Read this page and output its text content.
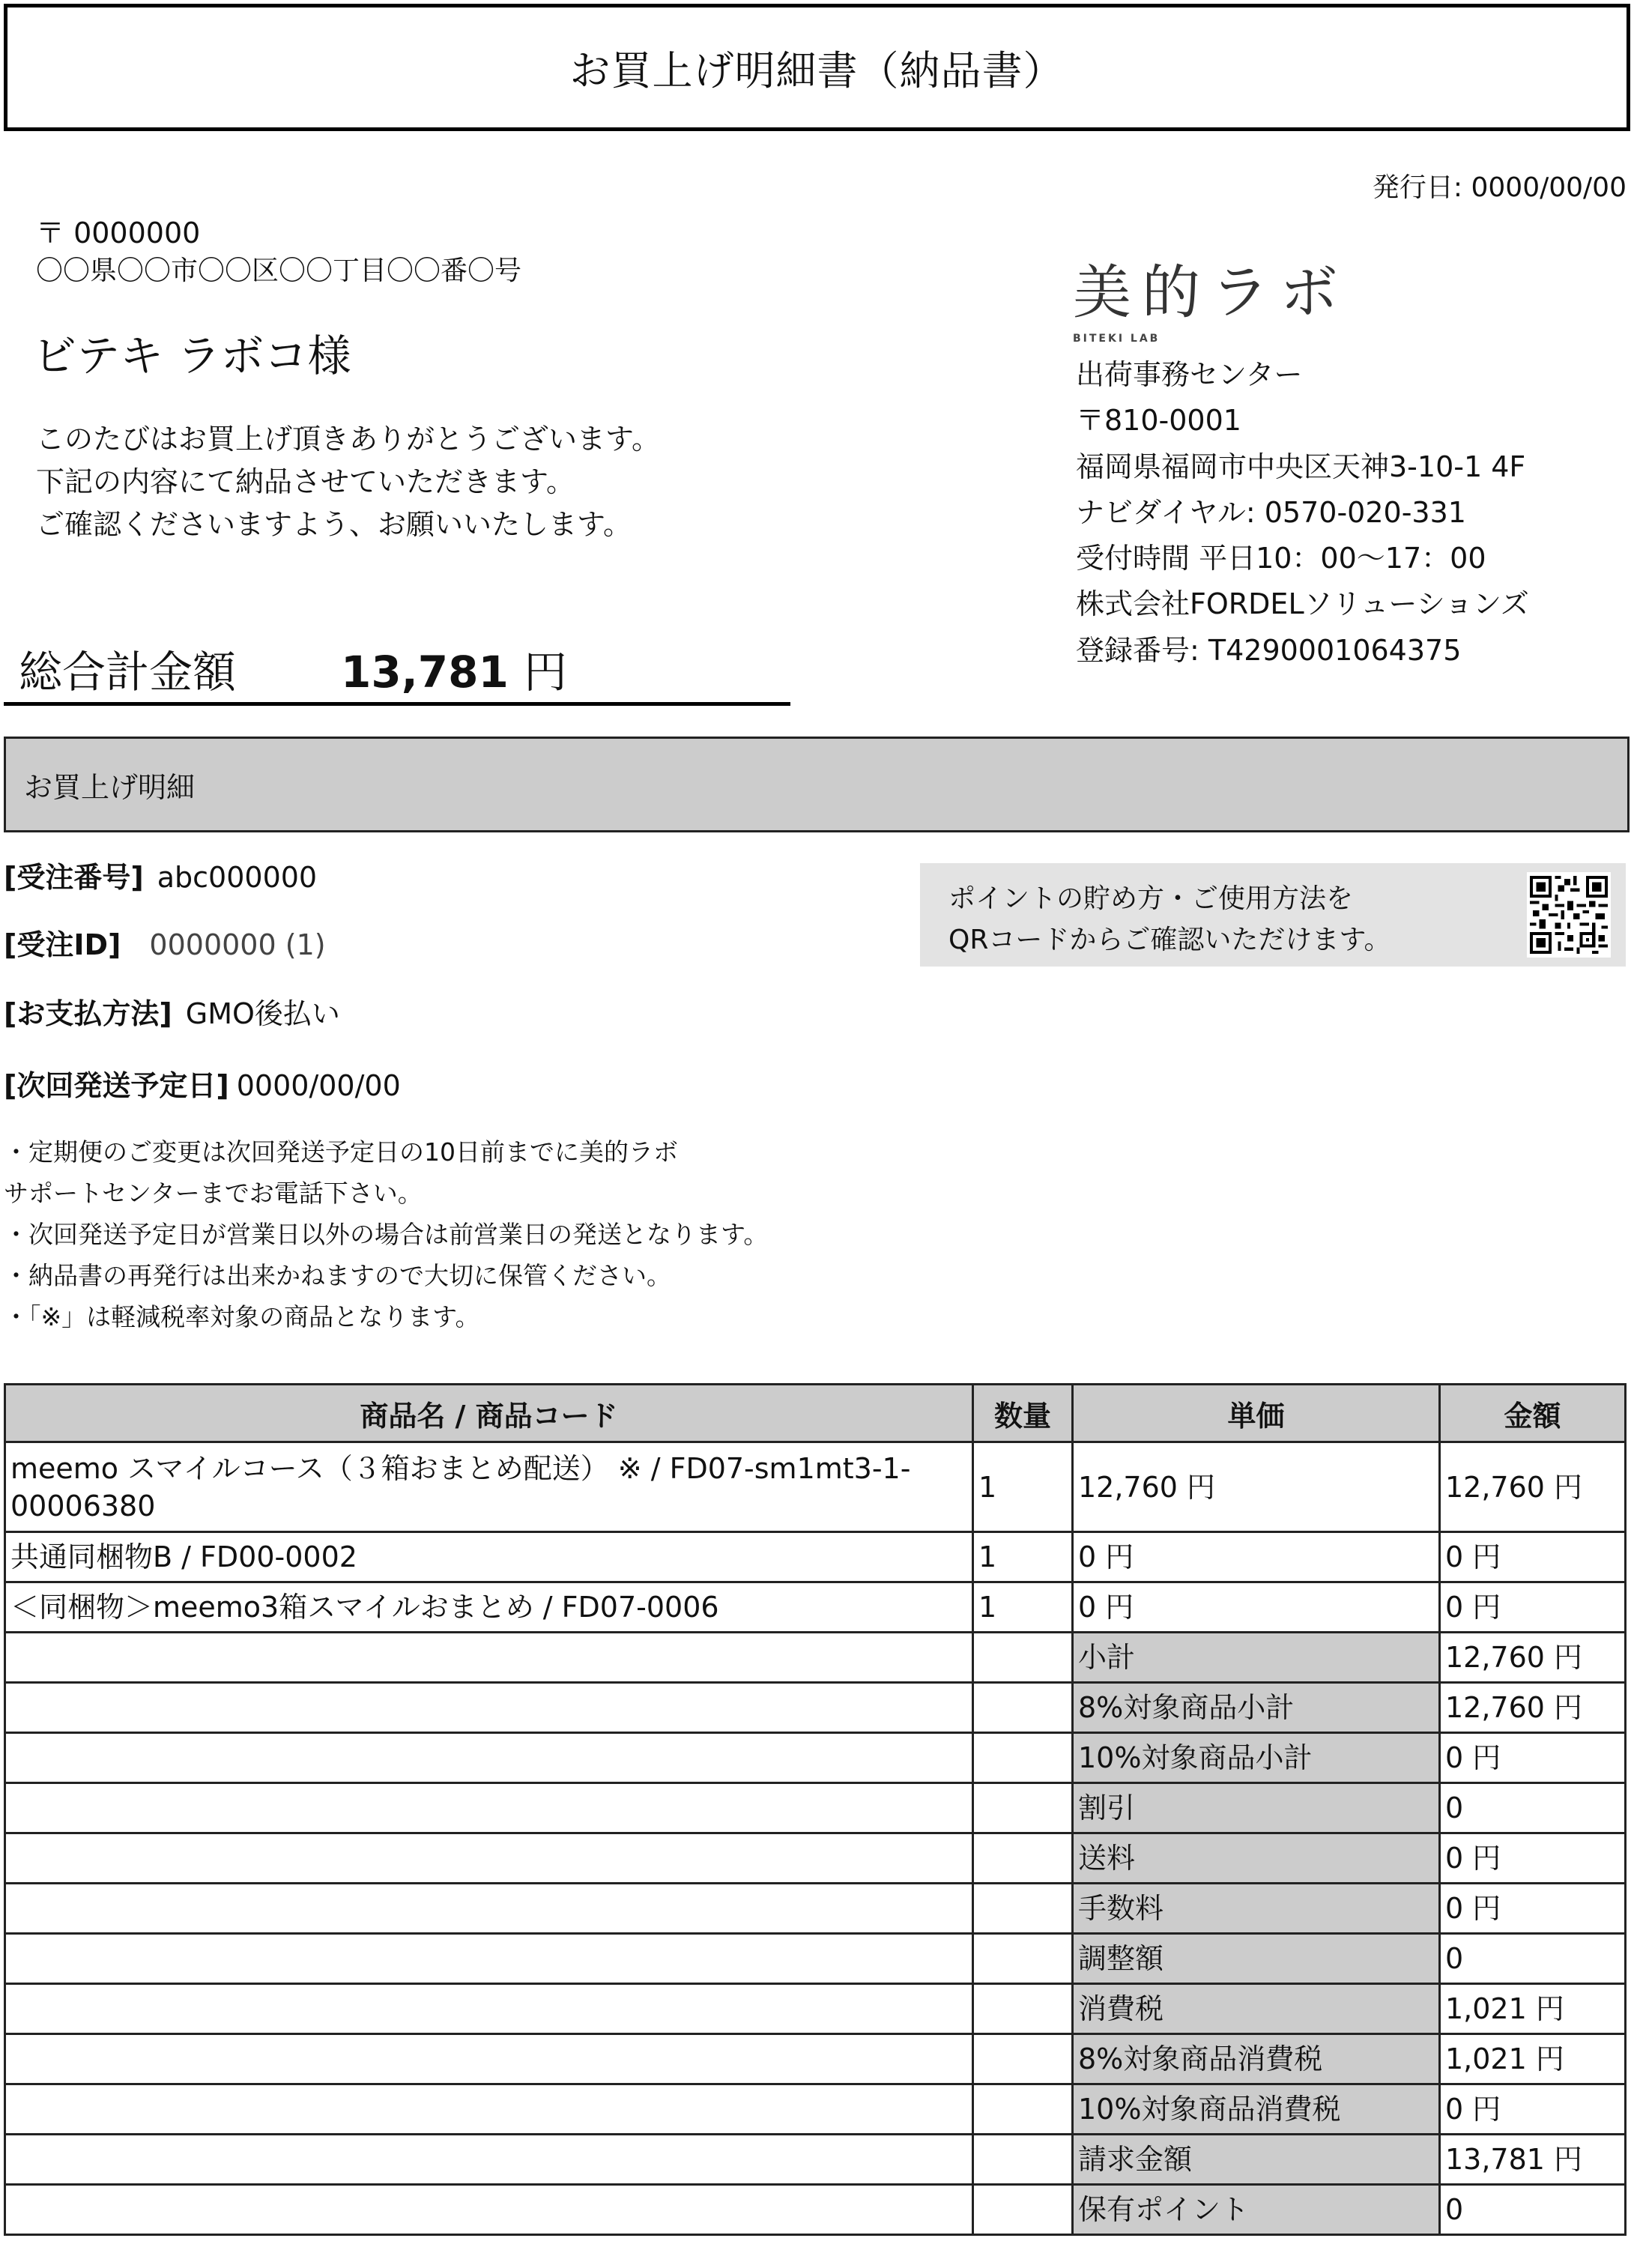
お買上げ明細書（納品書）
発行日: 0000/00/00
〒 0000000
〇〇県〇〇市〇〇区〇〇丁目〇〇番〇号
ビテキ ラボコ様
このたびはお買上げ頂きありがとうございます。
下記の内容にて納品させていただきます。
ご確認くださいますよう、お願いいたします。
美的ラボ
BITEKI LAB
出荷事務センター
〒810-0001
福岡県福岡市中央区天神3-10-1 4F
ナビダイヤル: 0570-020-331
受付時間 平日10：00〜17：00
株式会社FORDELソリューションズ
登録番号: T4290001064375
総合計金額 13,781 円
お買上げ明細
[受注番号] abc000000
[受注ID] 0000000 (1)
[お支払方法] GMO後払い
[次回発送予定日] 0000/00/00
ポイントの貯め方・ご使用方法を
QRコードからご確認いただけます。
・定期便のご変更は次回発送予定日の10日前までに美的ラボ
サポートセンターまでお電話下さい。
・次回発送予定日が営業日以外の場合は前営業日の発送となります。
・納品書の再発行は出来かねますので大切に保管ください。
・「※」は軽減税率対象の商品となります。
商品名 / 商品コード	数量	単価	金額
meemo スマイルコース（３箱おまとめ配送） ※ / FD07-sm1mt3-1-00006380	1	12,760 円	12,760 円
共通同梱物B / FD00-0002	1	0 円	0 円
＜同梱物＞meemo3箱スマイルおまとめ / FD07-0006	1	0 円	0 円
		小計	12,760 円
		8%対象商品小計	12,760 円
		10%対象商品小計	0 円
		割引	0
		送料	0 円
		手数料	0 円
		調整額	0
		消費税	1,021 円
		8%対象商品消費税	1,021 円
		10%対象商品消費税	0 円
		請求金額	13,781 円
		保有ポイント	0
